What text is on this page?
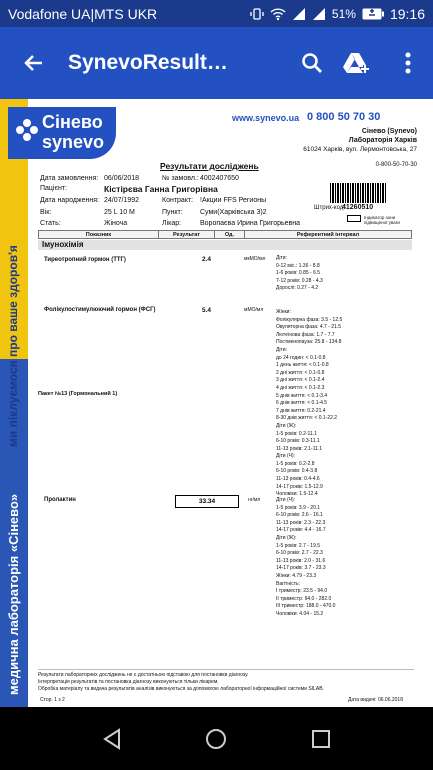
Vodafone UA|MTS UKR	51% 19:16
SynevoResult…
медична лабораторія «Сінево»
ми піклуємося про ваше здоров'я
Сінево
synevo
www.synevo.ua 0 800 50 70 30
Сінево (Synevo)
Лабораторія Харків
61024 Харків, вул. Лермонтовська, 27
0-800-50-70-30
Результати досліджень
Дата замовлення: 06/06/2018	№ замовл.: 4002407650
Пацієнт:	Кістірєва Ганна Григорівна
Дата народження: 24/07/1992	Контракт: !Акции FFS Регионы
Вік:	25 L 10 M	Пункт: Суми(Харківська 3)2
Стать:	Жіноча	Лікар:	Воропаєва Ирина Григорьевна
Штрих-код:
41260510
Індикатор зони підвищеної уваги
Показник	Результат	Од.	Референтний інтервал
Імунохімія
Тиреотропний гормон (ТТГ)	2.4	мкМО/мл Діти:
0-12 міс.: 1.36 - 8.8
1-6 років: 0.85 - 6.5
7-12 років: 0.28 - 4.3
Дорослі: 0.27 - 4.2
Пакет №13 (Гормональний 1)
Фолікулостимулюючий гормон (ФСГ)	5.4	мМО/мл	Жінки:
Фолікулярна фаза: 3.5 - 12.5
Овуляторна фаза: 4.7 - 21.5
Лютеїнова фаза: 1.7 - 7.7
Постменопауза: 25.8 - 134.8
Діти:
до 24 годин: < 0.1-0.8
1 день життя: < 0.1-0.8
2 дні життя: < 0.1-0.8
3 дні життя: < 0.1-2.4
4 дні життя: < 0.1-2.3
5 днів життя: < 0.1-3.4
6 днів життя: < 0.1-4.5
7 днів життя: 0.2-21.4
8-30 днів життя: < 0.1-22.2
Діти (Ж):
1-5 років: 0.2-11.1
6-10 років: 0.3-11.1
11-13 років: 2.1-11.1
Діти (Ч):
1-5 років: 0.2-2.8
6-10 років: 0.4-3.8
11-13 років: 0.4-4.6
14-17 років: 1.5-12.9
Чоловіки: 1.5-12.4
Пролактин	33.34	нг/мл	Діти (Ч):
1-5 років: 3.9 - 20.1
6-10 років: 2.6 - 16.1
11-13 років: 2.3 - 22.3
14-17 років: 4.4 - 16.7
Діти (Ж):
1-5 років: 2.7 - 19.5
6-10 років: 2.7 - 22.3
11-13 років: 2.0 - 31.6
14-17 років: 3.7 - 23.3
Жінки: 4.79 - 23.3
Вагітність:
I триместр: 23.5 - 94.0
II триместр: 94.0 - 282.0
III триместр: 188.0 - 470.0
Чоловіки: 4.04 - 15.2
Результати лабораторних досліджень не є достатньою підставою для постановки діагнозу.
Інтерпретація результатів та постановка діагнозу виконуються тільки лікарем.
Обробка матеріалу та видача результатів аналізів виконуються за допомогою лабораторної інформаційної системи SILAB.
Стор. 1 з 2	Дата видачі: 06.06.2018
